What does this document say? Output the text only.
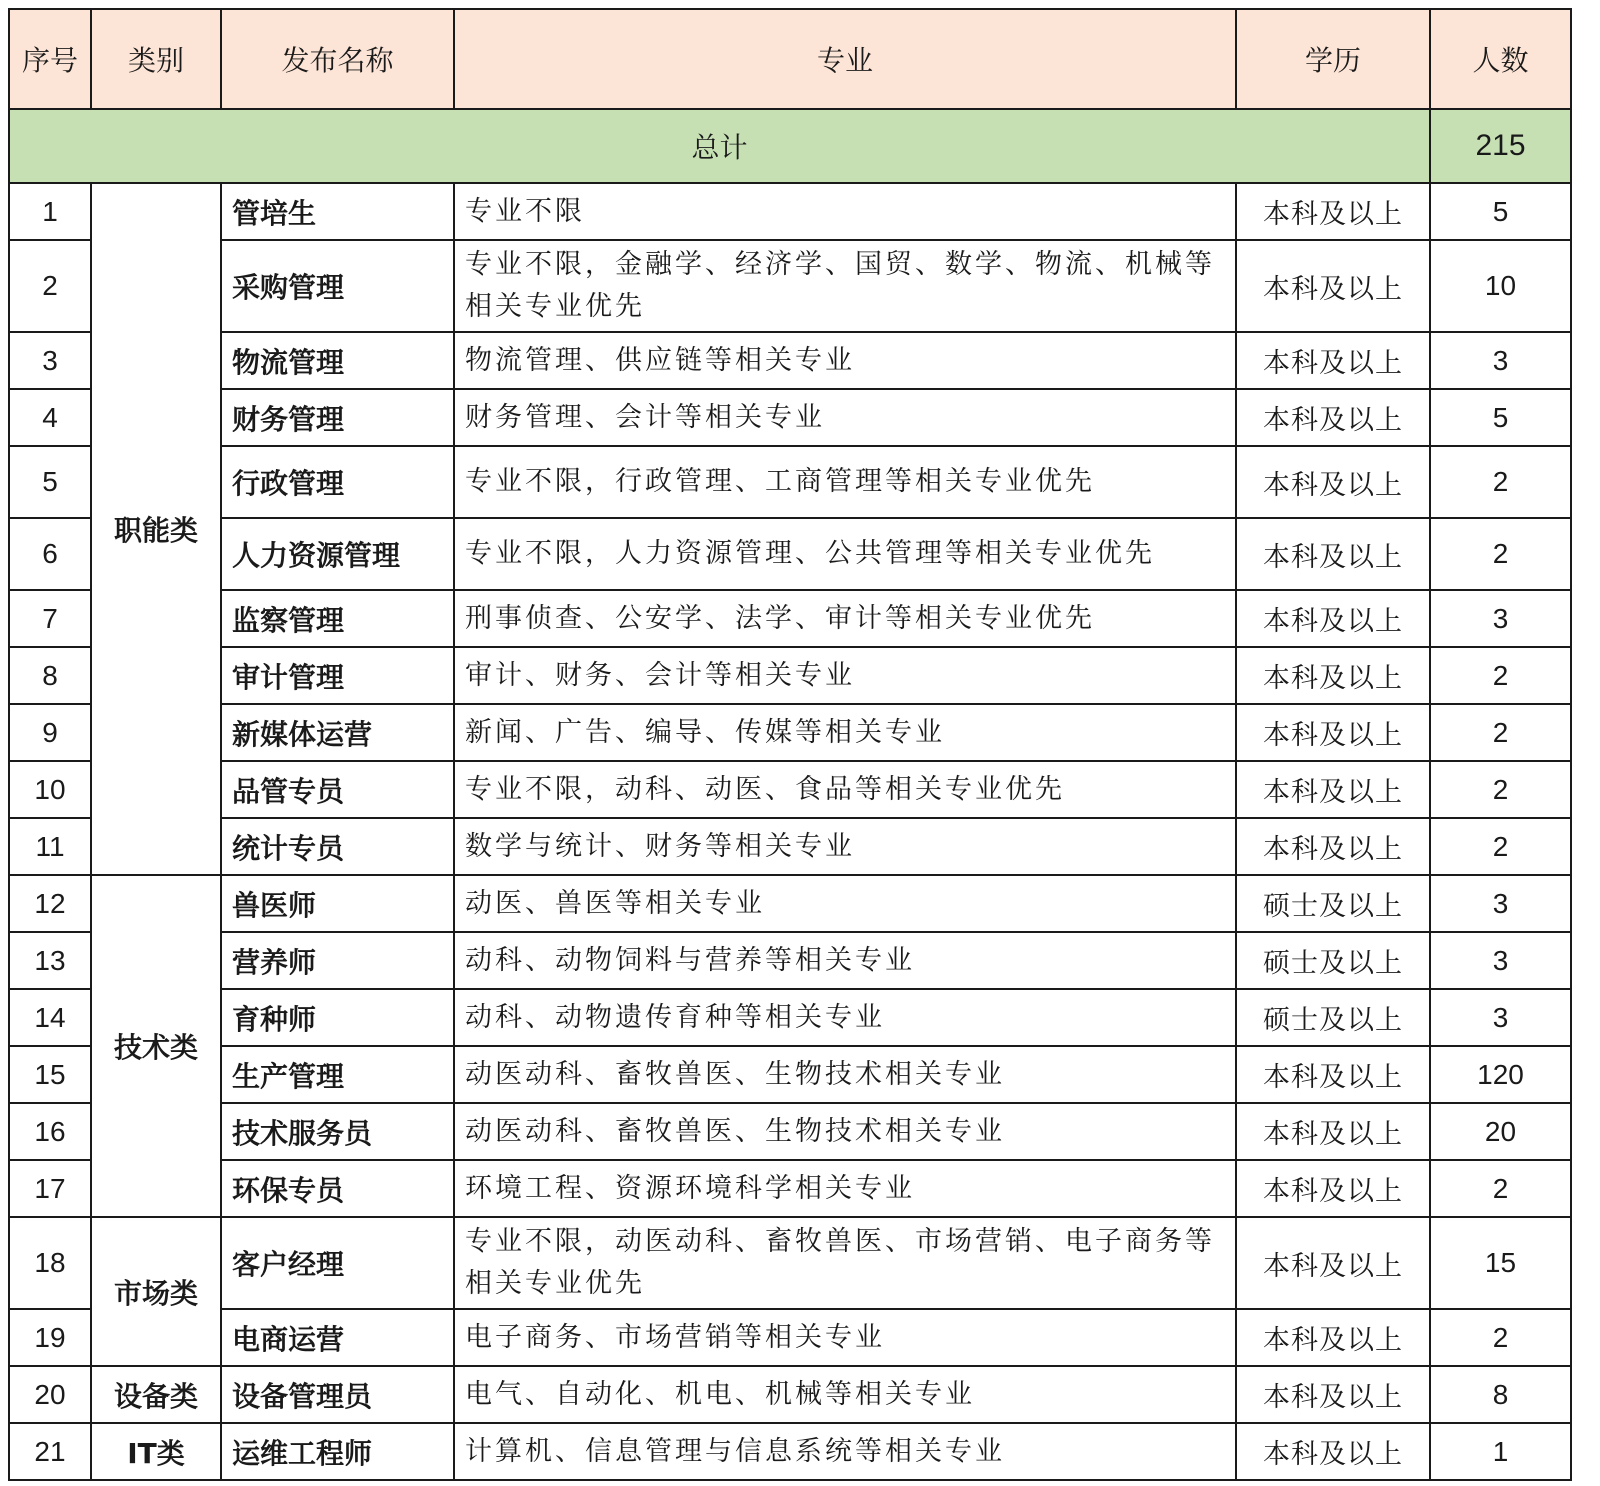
序号	类别	发布名称	专业	学历	人数
总计					215
1	职能类	管培生	专业不限	本科及以上	5
2		采购管理	专业不限，金融学、经济学、国贸、数学、物流、机械等相关专业优先	本科及以上	10
3		物流管理	物流管理、供应链等相关专业	本科及以上	3
4		财务管理	财务管理、会计等相关专业	本科及以上	5
5		行政管理	专业不限，行政管理、工商管理等相关专业优先	本科及以上	2
6		人力资源管理	专业不限，人力资源管理、公共管理等相关专业优先	本科及以上	2
7		监察管理	刑事侦查、公安学、法学、审计等相关专业优先	本科及以上	3
8		审计管理	审计、财务、会计等相关专业	本科及以上	2
9		新媒体运营	新闻、广告、编导、传媒等相关专业	本科及以上	2
10		品管专员	专业不限，动科、动医、食品等相关专业优先	本科及以上	2
11		统计专员	数学与统计、财务等相关专业	本科及以上	2
12	技术类	兽医师	动医、兽医等相关专业	硕士及以上	3
13		营养师	动科、动物饲料与营养等相关专业	硕士及以上	3
14		育种师	动科、动物遗传育种等相关专业	硕士及以上	3
15		生产管理	动医动科、畜牧兽医、生物技术相关专业	本科及以上	120
16		技术服务员	动医动科、畜牧兽医、生物技术相关专业	本科及以上	20
17		环保专员	环境工程、资源环境科学相关专业	本科及以上	2
18	市场类	客户经理	专业不限，动医动科、畜牧兽医、市场营销、电子商务等相关专业优先	本科及以上	15
19		电商运营	电子商务、市场营销等相关专业	本科及以上	2
20	设备类	设备管理员	电气、自动化、机电、机械等相关专业	本科及以上	8
21	IT类	运维工程师	计算机、信息管理与信息系统等相关专业	本科及以上	1
